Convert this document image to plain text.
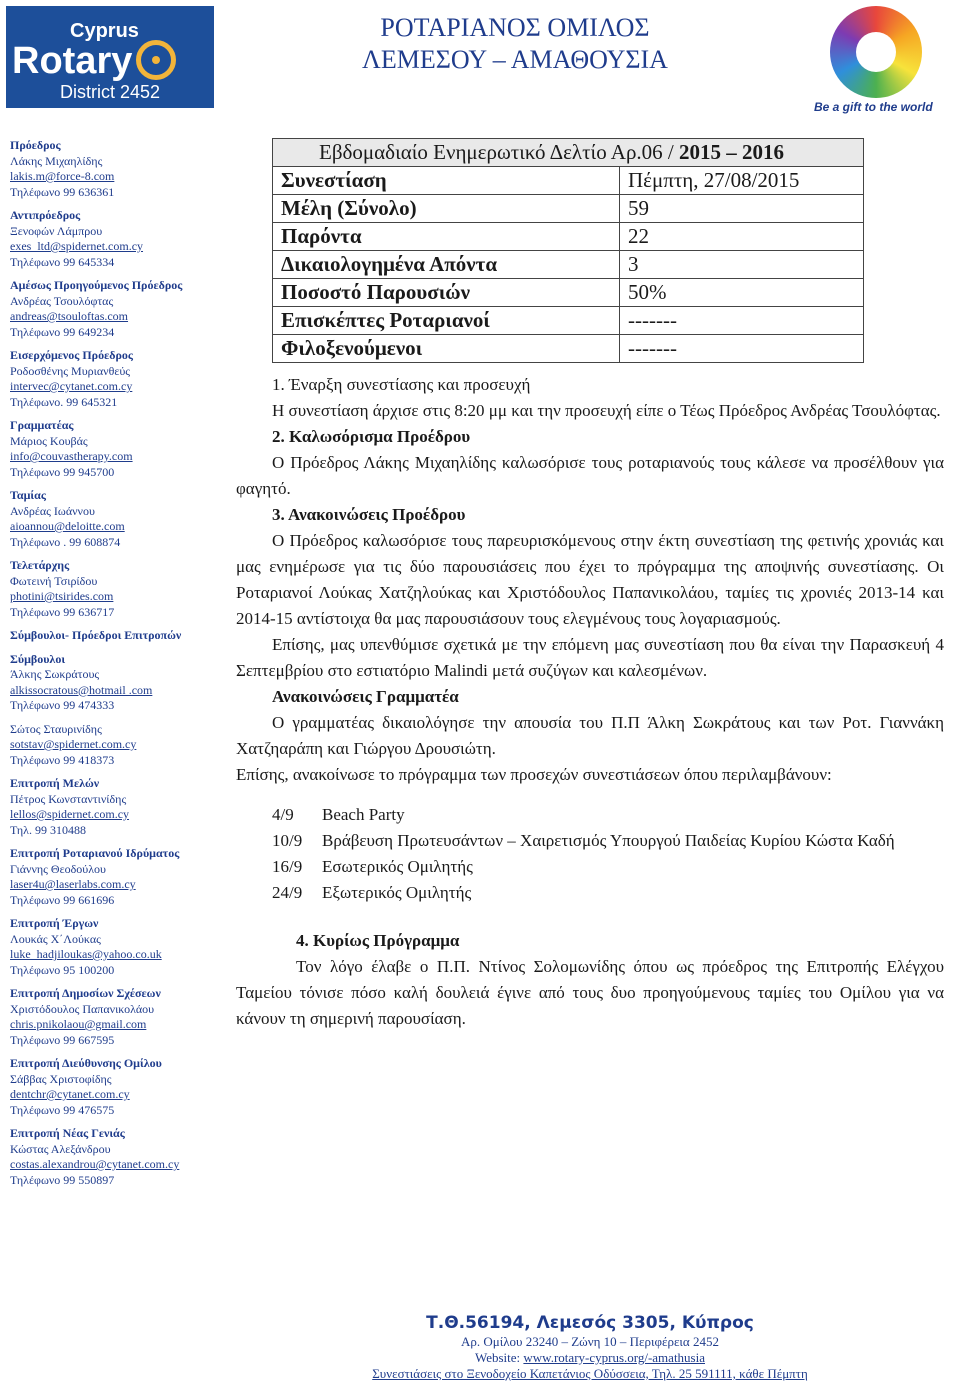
Cyprus
Rotary
District 2452
ΡΟΤΑΡΙΑΝΟΣ ΟΜΙΛΟΣ
ΛΕΜΕΣΟΥ – ΑΜΑΘΟΥΣΙΑ
Be a gift to the world
Πρόεδρος
Λάκης Μιχαηλίδης
lakis.m@force-8.com
Τηλέφωνο 99 636361
Αντιπρόεδρος
Ξενοφών Λάμπρου
exes_ltd@spidernet.com.cy
Τηλέφωνο 99 645334
Αμέσως Προηγούμενος Πρόεδρος
Ανδρέας Τσουλόφτας
andreas@tsouloftas.com
Τηλέφωνο 99 649234
Εισερχόμενος Πρόεδρος
Ροδοσθένης Μυριανθεύς
intervec@cytanet.com.cy
Τηλέφωνο. 99 645321
Γραμματέας
Μάριος Κουβάς
info@couvastherapy.com
Τηλέφωνο 99 945700
Ταμίας
Ανδρέας Ιωάννου
aioannou@deloitte.com
Τηλέφωνο . 99 608874
Τελετάρχης
Φωτεινή Τσιρίδου
photini@tsirides.com
Τηλέφωνο 99 636717
Σύμβουλοι- Πρόεδροι Επιτροπών
Σύμβουλοι
Άλκης Σωκράτους
alkissocratous@hotmail .com
Τηλέφωνο 99 474333
Σώτος Σταυρινίδης
sotstav@spidernet.com.cy
Τηλέφωνο 99 418373
Επιτροπή Μελών
Πέτρος Κωνσταντινίδης
lellos@spidernet.com.cy
Τηλ. 99 310488
Επιτροπή Ροταριανού Ιδρύματος
Γιάννης Θεοδούλου
laser4u@laserlabs.com.cy
Τηλέφωνο 99 661696
Επιτροπή Έργων
Λουκάς Χ΄Λούκας
luke_hadjiloukas@yahoo.co.uk
Τηλέφωνο 95 100200
Επιτροπή Δημοσίων Σχέσεων
Χριστόδουλος Παπανικολάου
chris.pnikolaou@gmail.com
Τηλέφωνο 99 667595
Επιτροπή Διεύθυνσης Ομίλου
Σάββας Χριστοφίδης
dentchr@cytanet.com.cy
Τηλέφωνο 99 476575
Επιτροπή Νέας Γενιάς
Κώστας Αλεξάνδρου
costas.alexandrou@cytanet.com.cy
Τηλέφωνο 99 550897
Εβδομαδιαίο Ενημερωτικό Δελτίο Αρ.06 / 2015 – 2016	
Συνεστίαση	Πέμπτη, 27/08/2015
Μέλη (Σύνολο)	59
Παρόντα	22
Δικαιολογημένα Απόντα	3
Ποσοστό Παρουσιών	50%
Επισκέπτες Ροταριανοί	-------
Φιλοξενούμενοι	-------

1. Έναρξη συνεστίασης και προσευχή

Η συνεστίαση άρχισε στις 8:20 μμ και την προσευχή είπε ο Τέως Πρόεδρος Ανδρέας Τσουλόφτας.

2. Καλωσόρισμα Προέδρου

Ο Πρόεδρος Λάκης Μιχαηλίδης καλωσόρισε τους ροταριανούς τους κάλεσε να προσέλθουν για φαγητό.

3. Ανακοινώσεις Προέδρου

Ο Πρόεδρος καλωσόρισε τους παρευρισκόμενους στην έκτη συνεστίαση της φετινής χρονιάς και μας ενημέρωσε για τις δύο παρουσιάσεις που έχει το πρόγραμμα της αποψινής συνεστίασης. Οι Ροταριανοί Λούκας Χατζηλούκας και Χριστόδουλος Παπανικολάου, ταμίες τις χρονιές 2013-14 και 2014-15 αντίστοιχα θα μας παρουσιάσουν τους ελεγμένους τους λογαριασμούς.

Επίσης, μας υπενθύμισε σχετικά με την επόμενη μας συνεστίαση που θα είναι την Παρασκευή 4 Σεπτεμβρίου στο εστιατόριο Malindi μετά συζύγων και καλεσμένων.

Ανακοινώσεις Γραμματέα

Ο γραμματέας δικαιολόγησε την απουσία του Π.Π Άλκη Σωκράτους και των Ροτ. Γιαννάκη Χατζηαράπη και Γιώργου Δρουσιώτη.

Επίσης, ανακοίνωσε το πρόγραμμα των προσεχών συνεστιάσεων όπου περιλαμβάνουν:

4/9 Beach Party

10/9 Βράβευση Πρωτευσάντων – Χαιρετισμός Υπουργού Παιδείας Κυρίου Κώστα Καδή

16/9 Εσωτερικός Ομιλητής

24/9 Εξωτερικός Ομιλητής

4. Κυρίως Πρόγραμμα

Τον λόγο έλαβε ο Π.Π. Ντίνος Σολομωνίδης όπου ως πρόεδρος της Επιτροπής Ελέγχου Ταμείου τόνισε πόσο καλή δουλειά έγινε από τους δυο προηγούμενους ταμίες του Ομίλου για να κάνουν τη σημερινή παρουσίαση.

Τ.Θ.56194, Λεμεσός 3305, Κύπρος
Αρ. Ομίλου 23240 – Ζώνη 10 – Περιφέρεια 2452
Website: www.rotary-cyprus.org/-amathusia
Συνεστιάσεις στο Ξενοδοχείο Καπετάνιος Οδύσσεια, Τηλ. 25 591111, κάθε Πέμπτη
